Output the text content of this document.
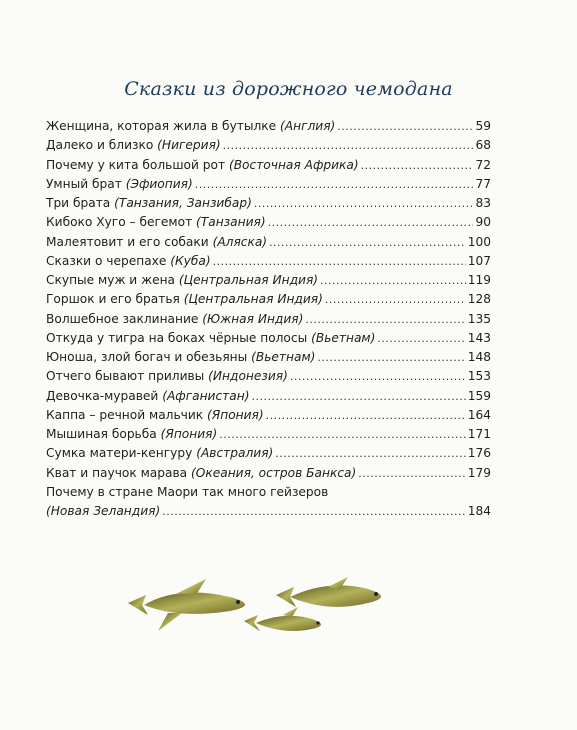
Сказки из дорожного чемодана
Женщина, которая жила в бутылке (Англия) .....	59
Далеко и близко (Нигерия) .....	68
Почему у кита большой рот (Восточная Африка) .....	72
Умный брат (Эфиопия) .....	77
Три брата (Танзания, Занзибар) .....	83
Кибоко Хуго – бегемот (Танзания) .....	90
Малеятовит и его собаки (Аляска) .....	100
Сказки о черепахе (Куба) .....	107
Скупые муж и жена (Центральная Индия) .....	119
Горшок и его братья (Центральная Индия) .....	128
Волшебное заклинание (Южная Индия) .....	135
Откуда у тигра на боках чёрные полосы (Вьетнам) .....	143
Юноша, злой богач и обезьяны (Вьетнам) .....	148
Отчего бывают приливы (Индонезия) .....	153
Девочка-муравей (Афганистан) .....	159
Каппа – речной мальчик (Япония) .....	164
Мышиная борьба (Япония) .....	171
Сумка матери-кенгуру (Австралия) .....	176
Кват и паучок марава (Океания, остров Банкса) .....	179
Почему в стране Маори так много гейзеров
(Новая Зеландия) .....	184
